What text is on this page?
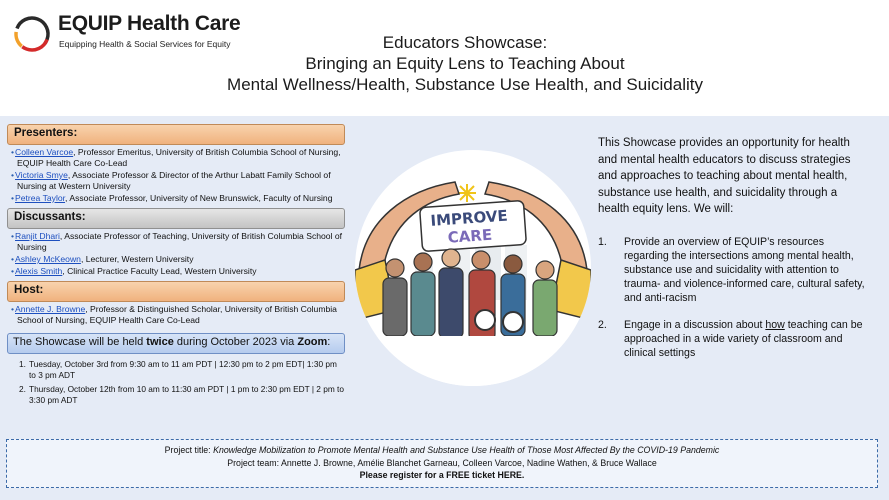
EQUIP Health Care
Equipping Health & Social Services for Equity	Educators Showcase:
Bringing an Equity Lens to Teaching About
Mental Wellness/Health, Substance Use Health, and Suicidality
Presenters:
• Colleen Varcoe, Professor Emeritus, University of British Columbia School of Nursing, EQUIP Health Care Co-Lead
• Victoria Smye, Associate Professor & Director of the Arthur Labatt Family School of Nursing at Western University
• Petrea Taylor, Associate Professor, University of New Brunswick, Faculty of Nursing
Discussants:
• Ranjit Dhari, Associate Professor of Teaching, University of British Columbia School of Nursing
• Ashley McKeown, Lecturer, Western University
• Alexis Smith, Clinical Practice Faculty Lead, Western University
Host:
• Annette J. Browne, Professor & Distinguished Scholar, University of British Columbia School of Nursing, EQUIP Health Care Co-Lead
The Showcase will be held twice during October 2023 via Zoom:
1. Tuesday, October 3rd from 9:30 am to 11 am PDT | 12:30 pm to 2 pm EDT| 1:30 pm to 3 pm ADT
2. Thursday, October 12th from 10 am to 11:30 am PDT | 1 pm to 2:30 pm EDT | 2 pm to 3:30 pm ADT
IMPROVE
CARE

This Showcase provides an opportunity for health and mental health educators to discuss strategies and approaches to teaching about mental health, substance use health, and suicidality through a health equity lens. We will:

1. Provide an overview of EQUIP’s resources regarding the intersections among mental health, substance use and suicidality with attention to trauma- and violence-informed care, cultural safety, and anti-racism
2. Engage in a discussion about how teaching can be approached in a wide variety of classroom and clinical settings
Project title: Knowledge Mobilization to Promote Mental Health and Substance Use Health of Those Most Affected By the COVID-19 Pandemic
Project team: Annette J. Browne, Amélie Blanchet Garneau, Colleen Varcoe, Nadine Wathen, & Bruce Wallace
Please register for a FREE ticket HERE.
